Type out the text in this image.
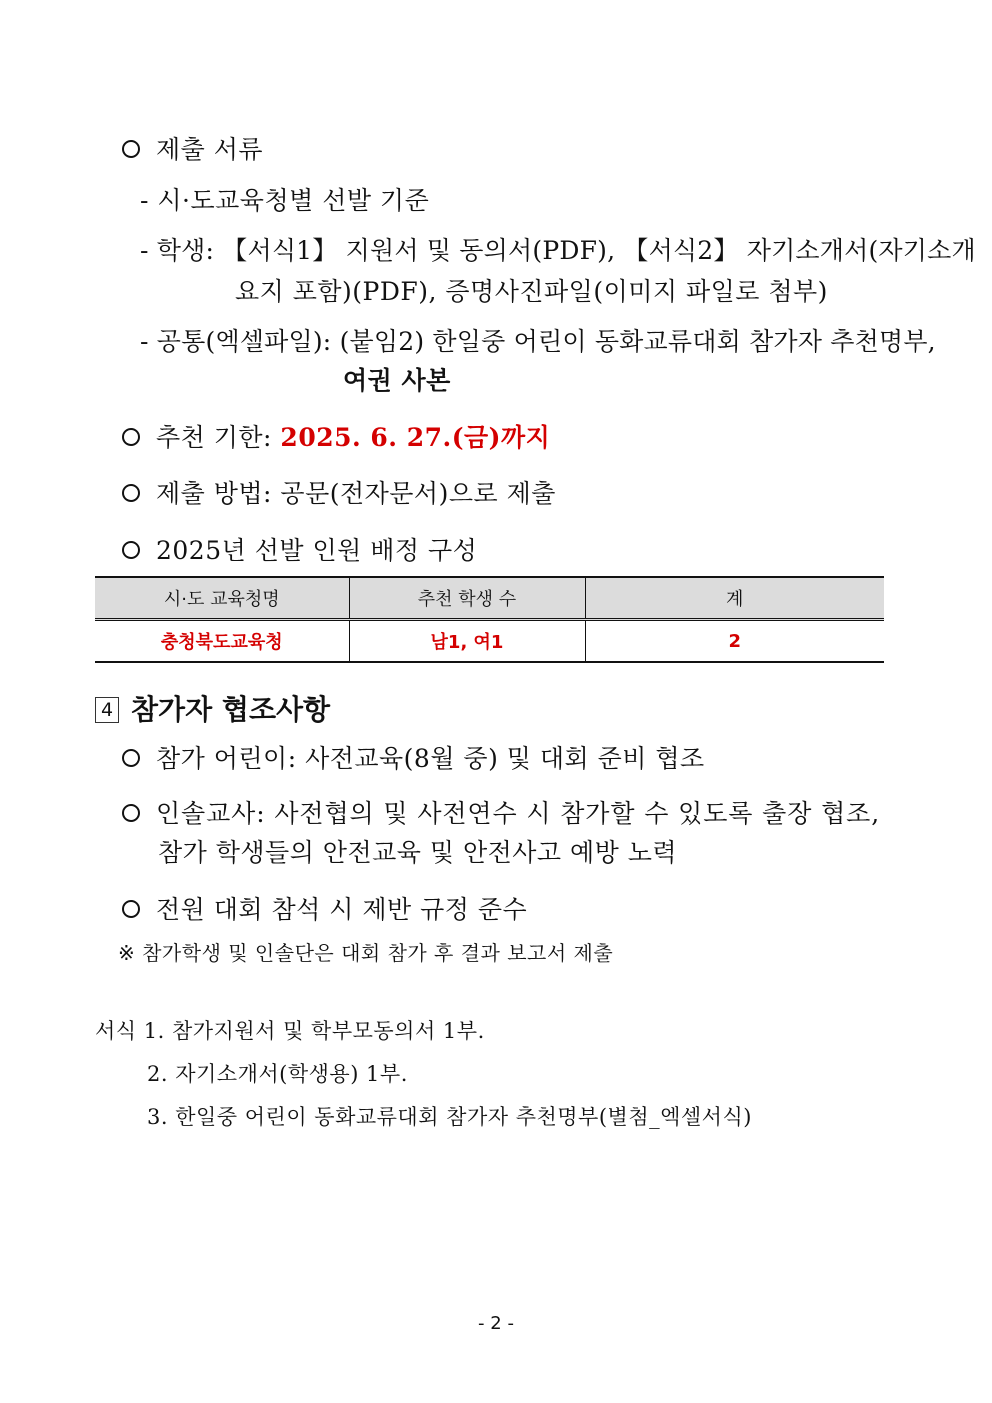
제출 서류
- 시·도교육청별 선발 기준
- 학생: 【서식1】 지원서 및 동의서(PDF), 【서식2】 자기소개서(자기소개
요지 포함)(PDF), 증명사진파일(이미지 파일로 첨부)
- 공통(엑셀파일): (붙임2) 한일중 어린이 동화교류대회 참가자 추천명부,
여권 사본
추천 기한: 2025. 6. 27.(금)까지
제출 방법: 공문(전자문서)으로 제출
2025년 선발 인원 배정 구성
시·도 교육청명	추천 학생 수	계
충청북도교육청	남1, 여1	2
4 참가자 협조사항
참가 어린이: 사전교육(8월 중) 및 대회 준비 협조
인솔교사: 사전협의 및 사전연수 시 참가할 수 있도록 출장 협조,
참가 학생들의 안전교육 및 안전사고 예방 노력
전원 대회 참석 시 제반 규정 준수
※ 참가학생 및 인솔단은 대회 참가 후 결과 보고서 제출
서식 1. 참가지원서 및 학부모동의서 1부.
2. 자기소개서(학생용) 1부.
3. 한일중 어린이 동화교류대회 참가자 추천명부(별첨_엑셀서식)
- 2 -
